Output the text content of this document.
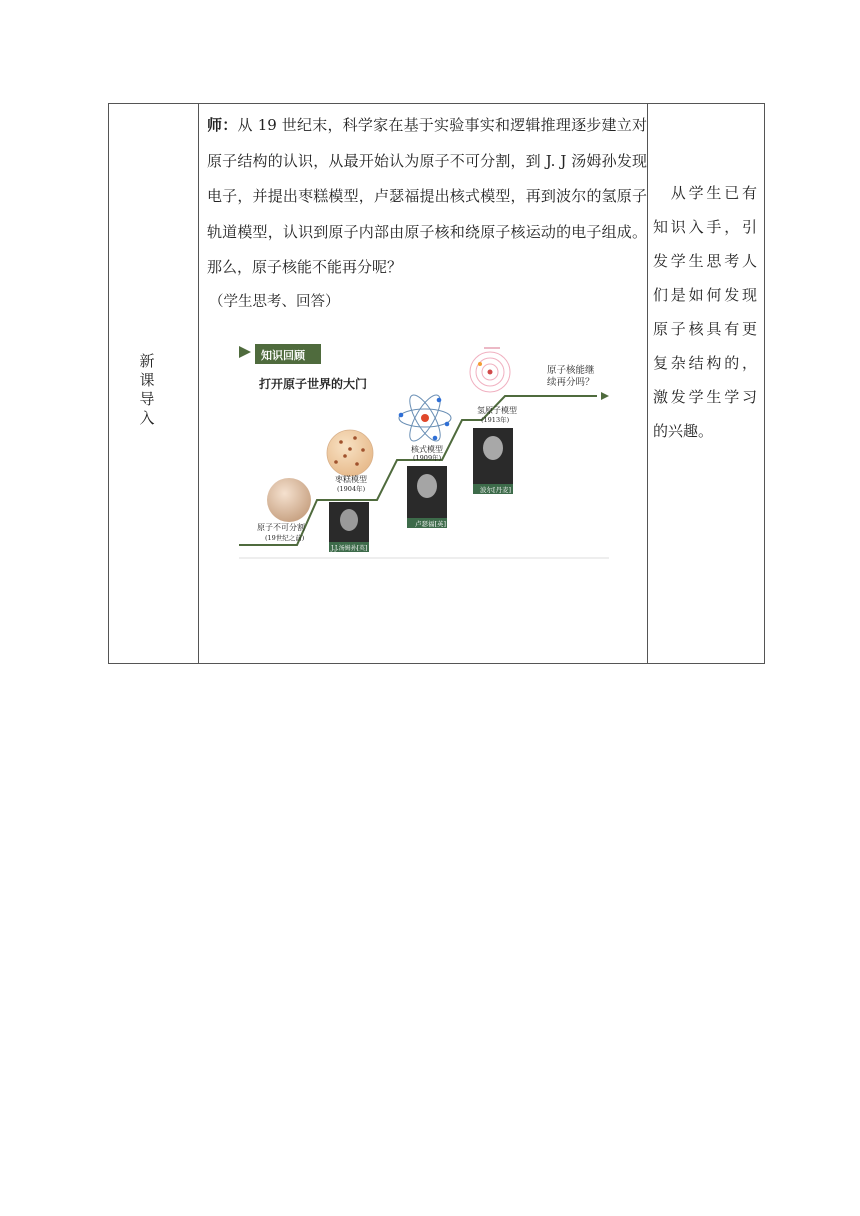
新课导入
师：从 19 世纪末，科学家在基于实验事实和逻辑推理逐步建立对原子结构的认识，从最开始认为原子不可分割，到 J. J 汤姆孙发现电子，并提出枣糕模型，卢瑟福提出核式模型，再到波尔的氢原子轨道模型，认识到原子内部由原子核和绕原子核运动的电子组成。那么，原子核能不能再分呢？
（学生思考、回答）
从学生已有知识入手，引发学生思考人们是如何发现原子核具有更复杂结构的，激发学生学习的兴趣。
知识回顾
打开原子世界的大门
原子不可分割
(19世纪之前)
枣糕模型
(1904年)
J.J.汤姆孙[英]
核式模型
(1909年)
卢瑟福[英]
氢原子模型
(1913年)
波尔[丹麦]
原子核能继
续再分吗？
